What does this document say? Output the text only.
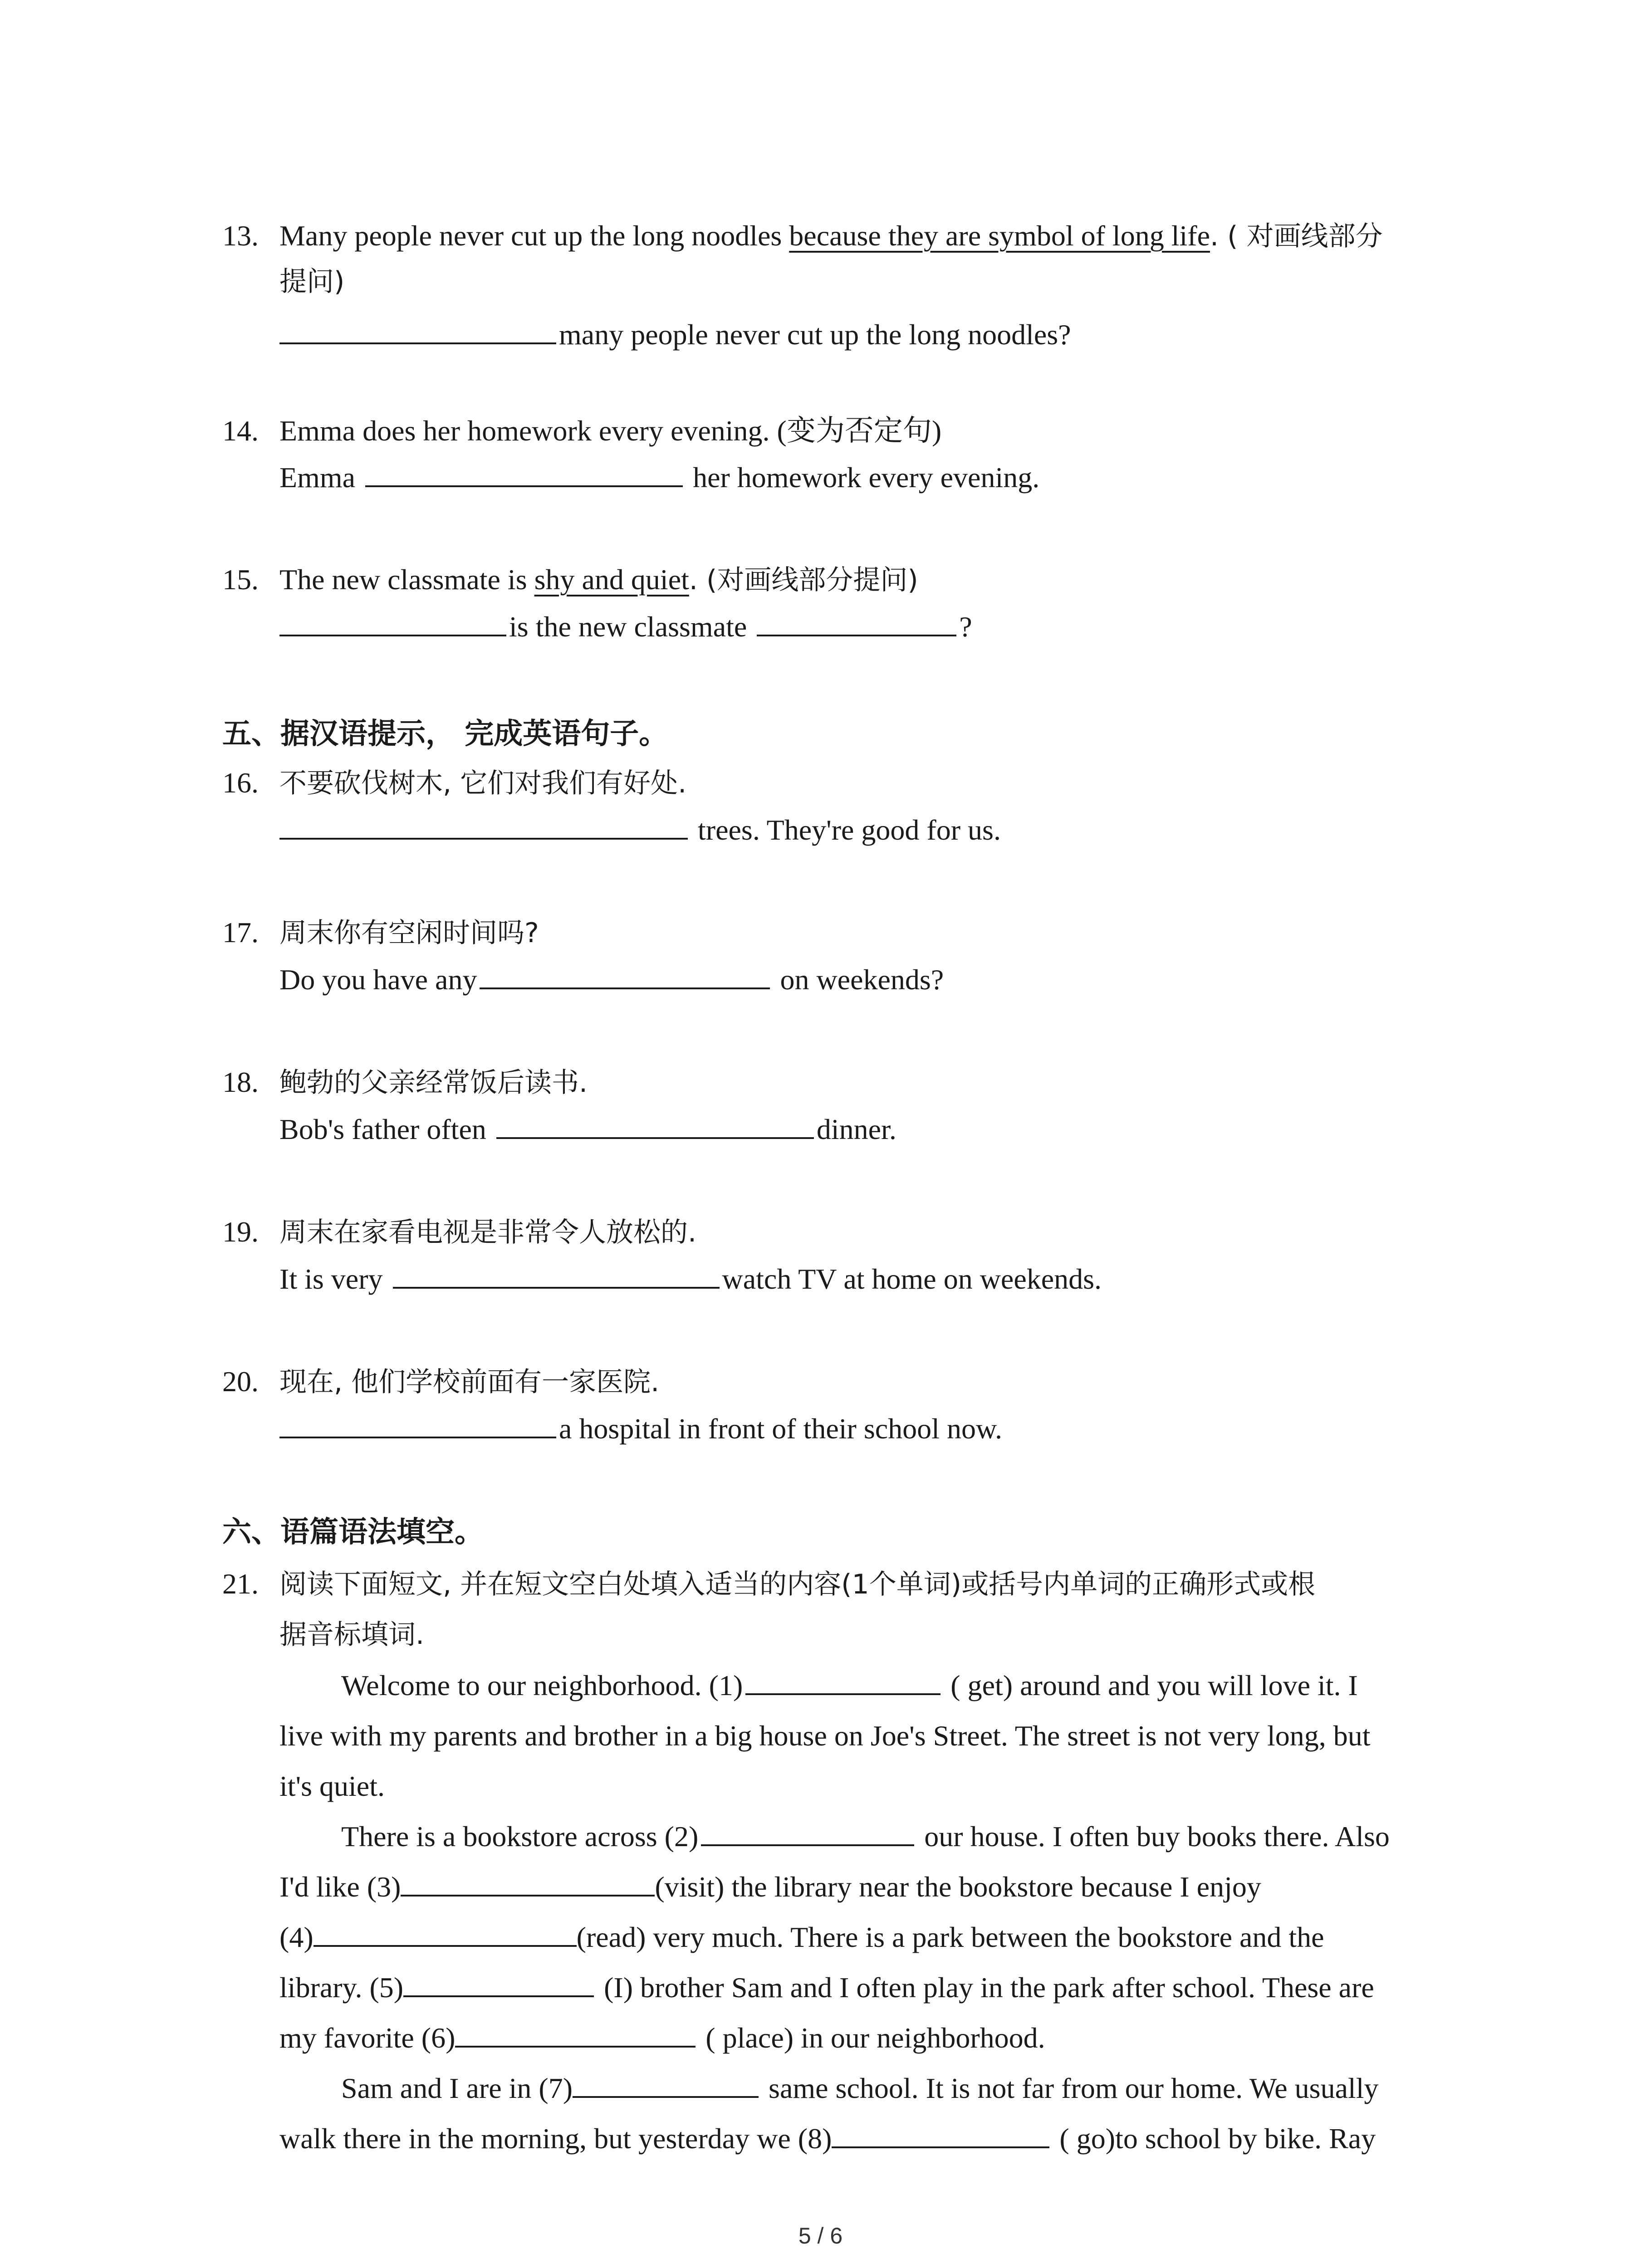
13. Many people never cut up the long noodles because they are symbol of long life. ( 对画线部分
提问)
many people never cut up the long noodles?
14. Emma does her homework every evening. (变为否定句)
Emma	her homework every evening.
15. The new classmate is shy and quiet. (对画线部分提问)
is the new classmate	?
五、据汉语提示， 完成英语句子。
16. 不要砍伐树木, 它们对我们有好处.
trees. They're good for us.
17. 周末你有空闲时间吗?
Do you have any	on weekends?
18. 鲍勃的父亲经常饭后读书.
Bob's father often	dinner.
19. 周末在家看电视是非常令人放松的.
It is very	watch TV at home on weekends.
20. 现在, 他们学校前面有一家医院.
a hospital in front of their school now.
六、语篇语法填空。
21. 阅读下面短文, 并在短文空白处填入适当的内容(1个单词)或括号内单词的正确形式或根
据音标填词.
Welcome to our neighborhood. (1)	( get) around and you will love it. I
live with my parents and brother in a big house on Joe's Street. The street is not very long, but
it's quiet.
There is a bookstore across (2)	our house. I often buy books there. Also
I'd like (3)	(visit) the library near the bookstore because I enjoy
(4)	(read) very much. There is a park between the bookstore and the
library. (5)	(I) brother Sam and I often play in the park after school. These are
my favorite (6)	( place) in our neighborhood.
Sam and I are in (7)	same school. It is not far from our home. We usually
walk there in the morning, but yesterday we (8)	( go)to school by bike. Ray
5 / 6
